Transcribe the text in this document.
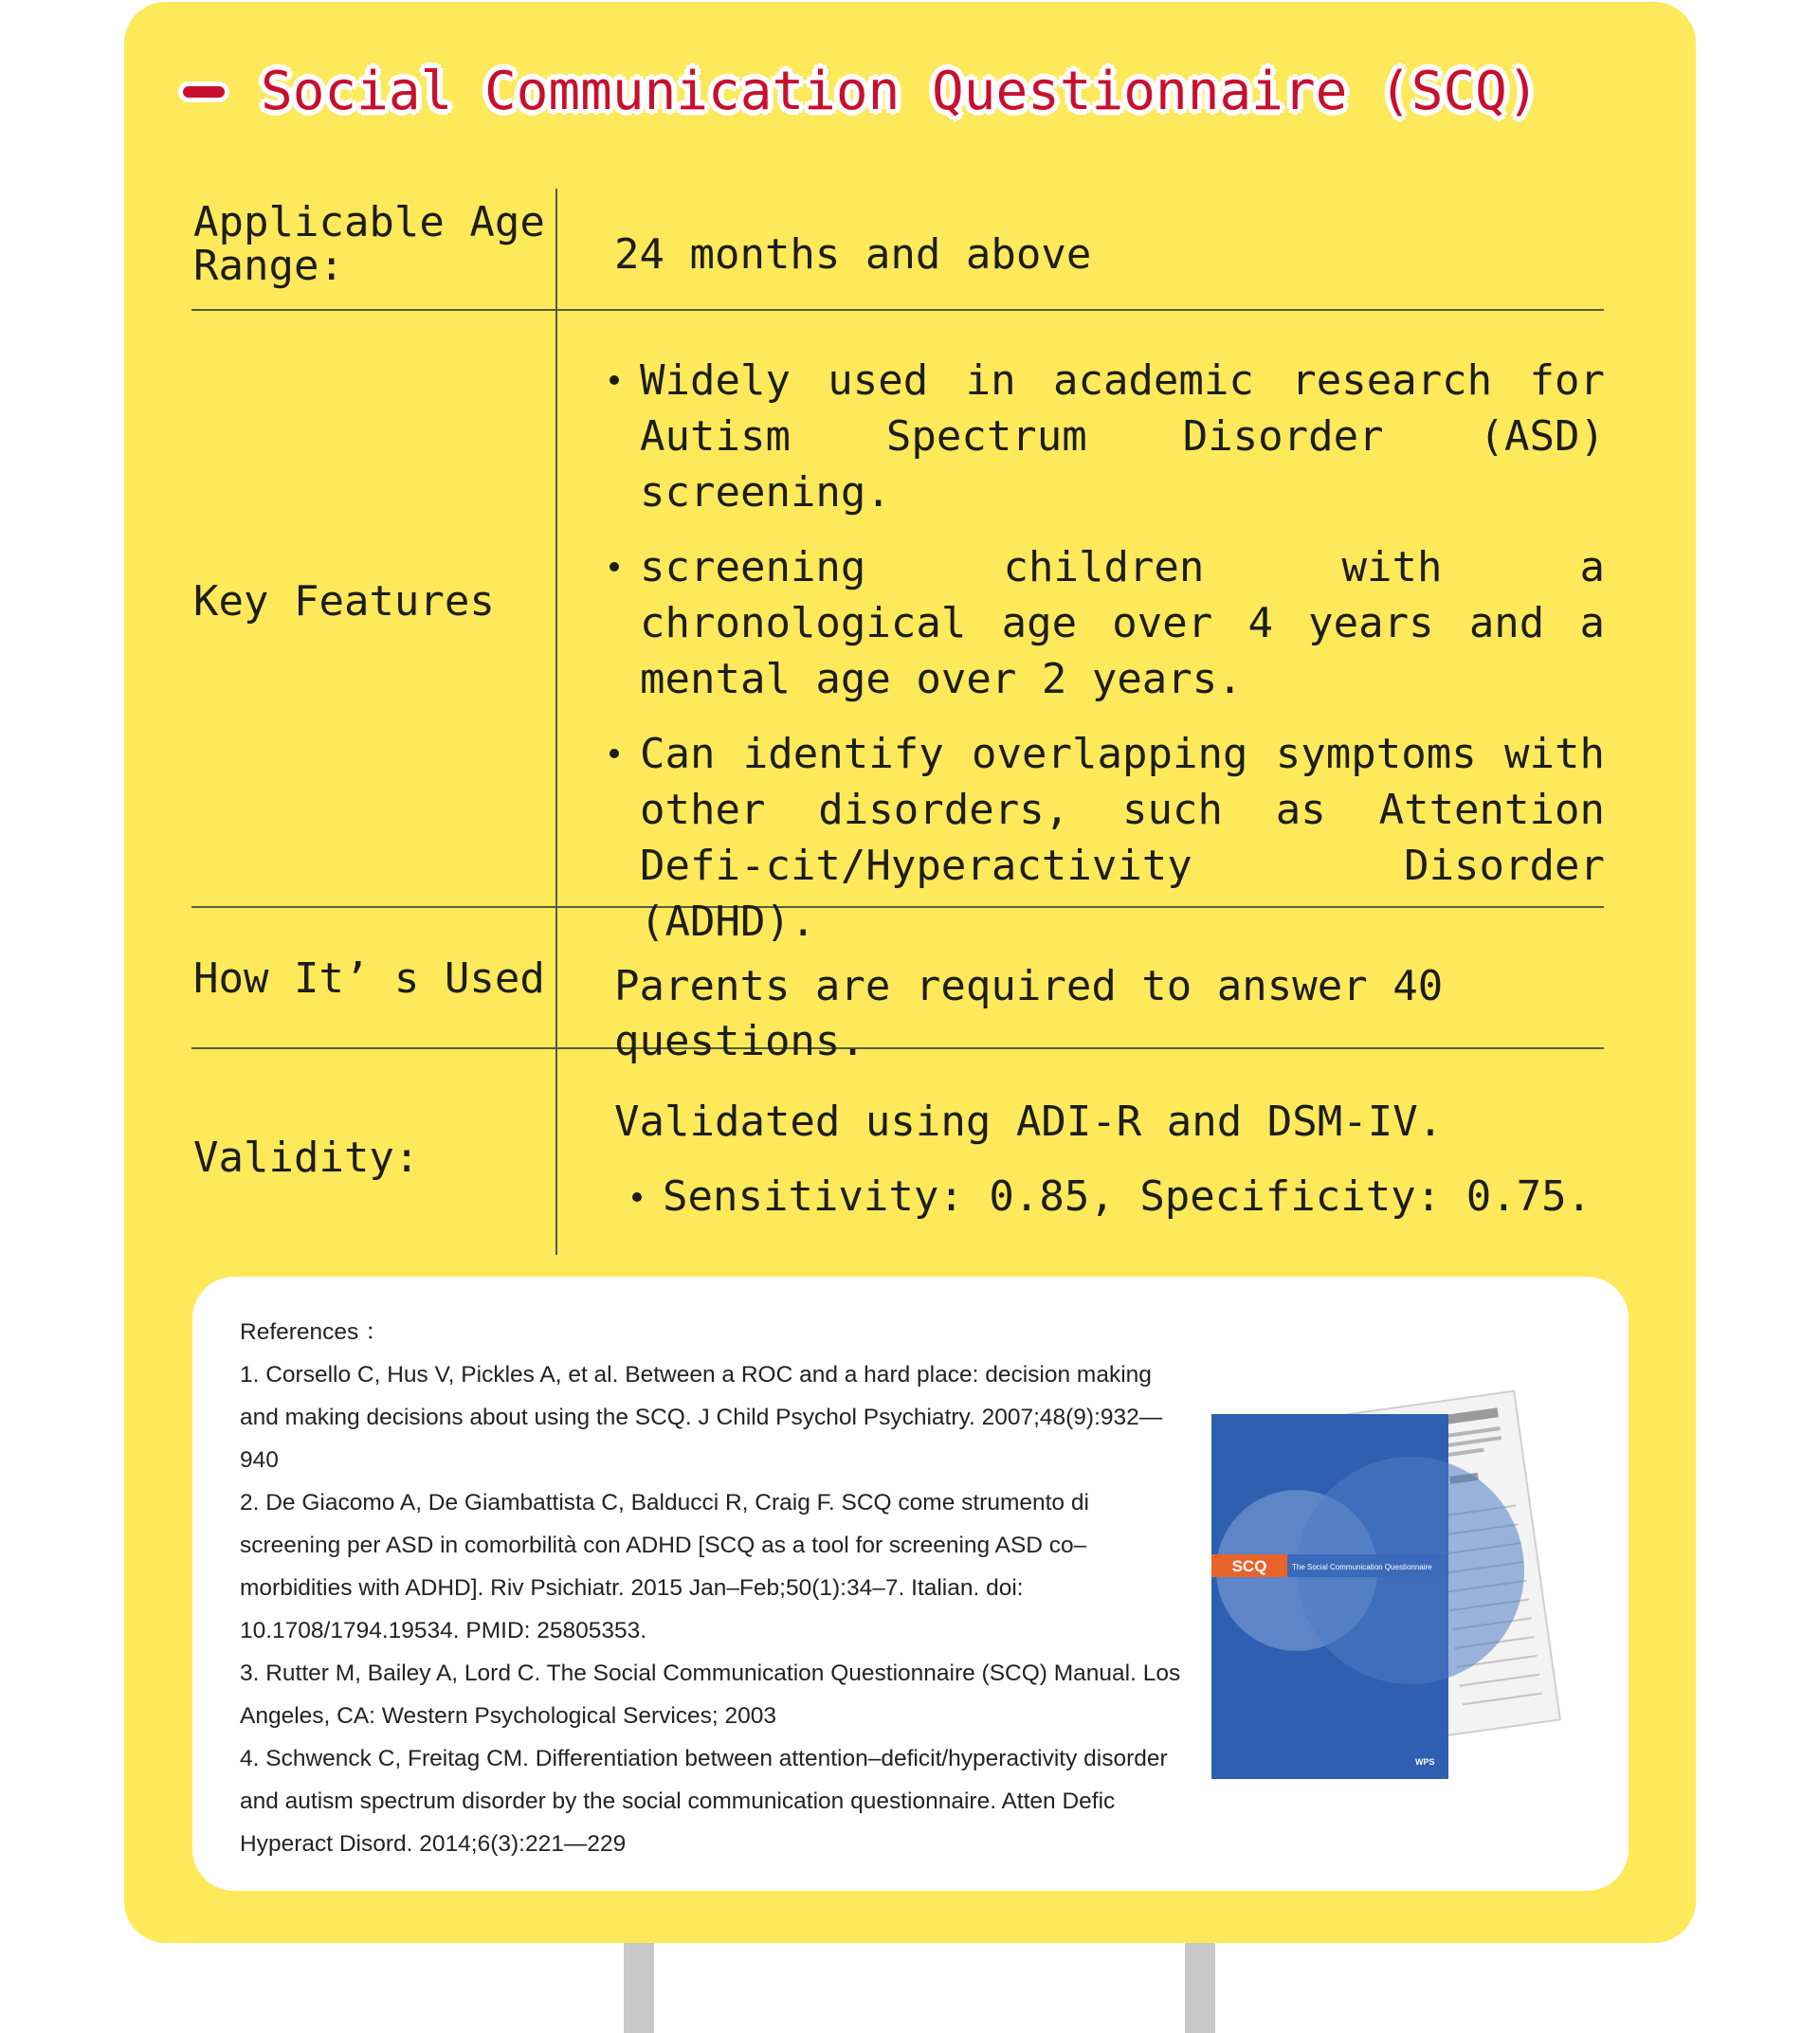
Social Communication Questionnaire (SCQ)
Applicable Age Range:	24 months and above
Key Features
Widely used in academic research for Autism Spectrum Disorder (ASD) screening.
screening children with a chronological age over 4 years and a mental age over 2 years.
Can identify overlapping symptoms with other disorders, such as Attention Defi-cit/Hyperactivity Disorder (ADHD).
How It’ s Used Parents are required to answer 40 questions.
Validity:
Validated using ADI-R and DSM-IV.
Sensitivity: 0.85, Specificity: 0.75.
References ：
1. Corsello C, Hus V, Pickles A, et al. Between a ROC and a hard place: decision making and making decisions about using the SCQ. J Child Psychol Psychiatry. 2007;48(9):932— 940
2. De Giacomo A, De Giambattista C, Balducci R, Craig F. SCQ come strumento di screening per ASD in comorbilità con ADHD [SCQ as a tool for screening ASD co–morbidities with ADHD]. Riv Psichiatr. 2015 Jan–Feb;50(1):34–7. Italian. doi: 10.1708/1794.19534. PMID: 25805353.
3. Rutter M, Bailey A, Lord C. The Social Communication Questionnaire (SCQ) Manual. Los Angeles, CA: Western Psychological Services; 2003
4. Schwenck C, Freitag CM. Differentiation between attention–deficit/hyperactivity disorder and autism spectrum disorder by the social communication questionnaire. Atten Defic Hyperact Disord. 2014;6(3):221—229
SCQ	The Social Communication Questionnaire
WPS
